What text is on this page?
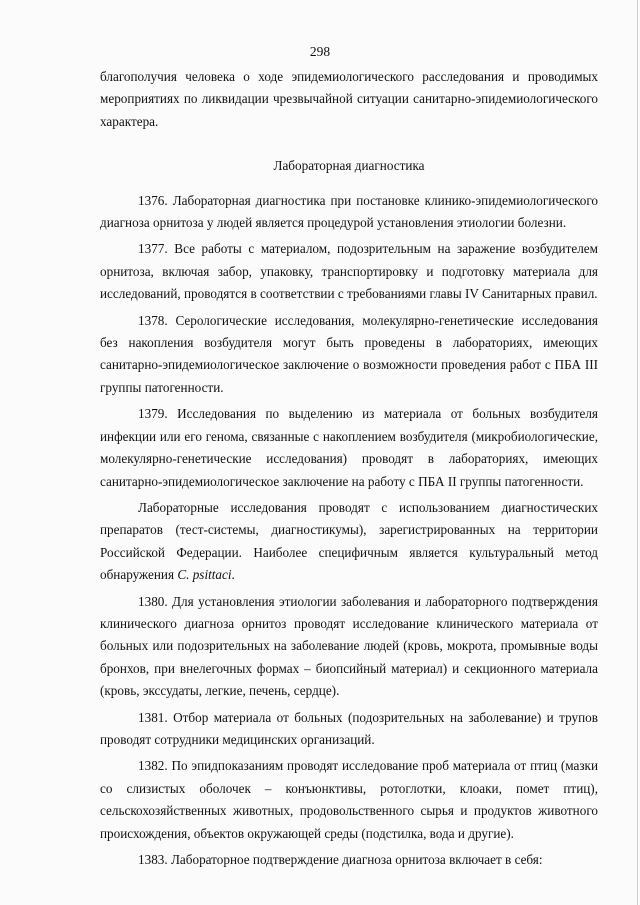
298

благополучия человека о ходе эпидемиологического расследования и проводимых мероприятиях по ликвидации чрезвычайной ситуации санитарно-эпидемиологического характера.

Лабораторная диагностика

1376. Лабораторная диагностика при постановке клинико-эпидемиологического диагноза орнитоза у людей является процедурой установления этиологии болезни.

1377. Все работы с материалом, подозрительным на заражение возбудителем орнитоза, включая забор, упаковку, транспортировку и подготовку материала для исследований, проводятся в соответствии с требованиями главы IV Санитарных правил.

1378. Серологические исследования, молекулярно-генетические исследования без накопления возбудителя могут быть проведены в лабораториях, имеющих санитарно-эпидемиологическое заключение о возможности проведения работ с ПБА III группы патогенности.

1379. Исследования по выделению из материала от больных возбудителя инфекции или его генома, связанные с накоплением возбудителя (микробиологические, молекулярно-генетические исследования) проводят в лабораториях, имеющих санитарно-эпидемиологическое заключение на работу с ПБА II группы патогенности.

Лабораторные исследования проводят с использованием диагностических препаратов (тест-системы, диагностикумы), зарегистрированных на территории Российской Федерации. Наиболее специфичным является культуральный метод обнаружения C. psittaci.

1380. Для установления этиологии заболевания и лабораторного подтверждения клинического диагноза орнитоз проводят исследование клинического материала от больных или подозрительных на заболевание людей (кровь, мокрота, промывные воды бронхов, при внелегочных формах – биопсийный материал) и секционного материала (кровь, экссудаты, легкие, печень, сердце).

1381. Отбор материала от больных (подозрительных на заболевание) и трупов проводят сотрудники медицинских организаций.

1382. По эпидпоказаниям проводят исследование проб материала от птиц (мазки со слизистых оболочек – конъюнктивы, ротоглотки, клоаки, помет птиц), сельскохозяйственных животных, продовольственного сырья и продуктов животного происхождения, объектов окружающей среды (подстилка, вода и другие).

1383. Лабораторное подтверждение диагноза орнитоза включает в себя:
